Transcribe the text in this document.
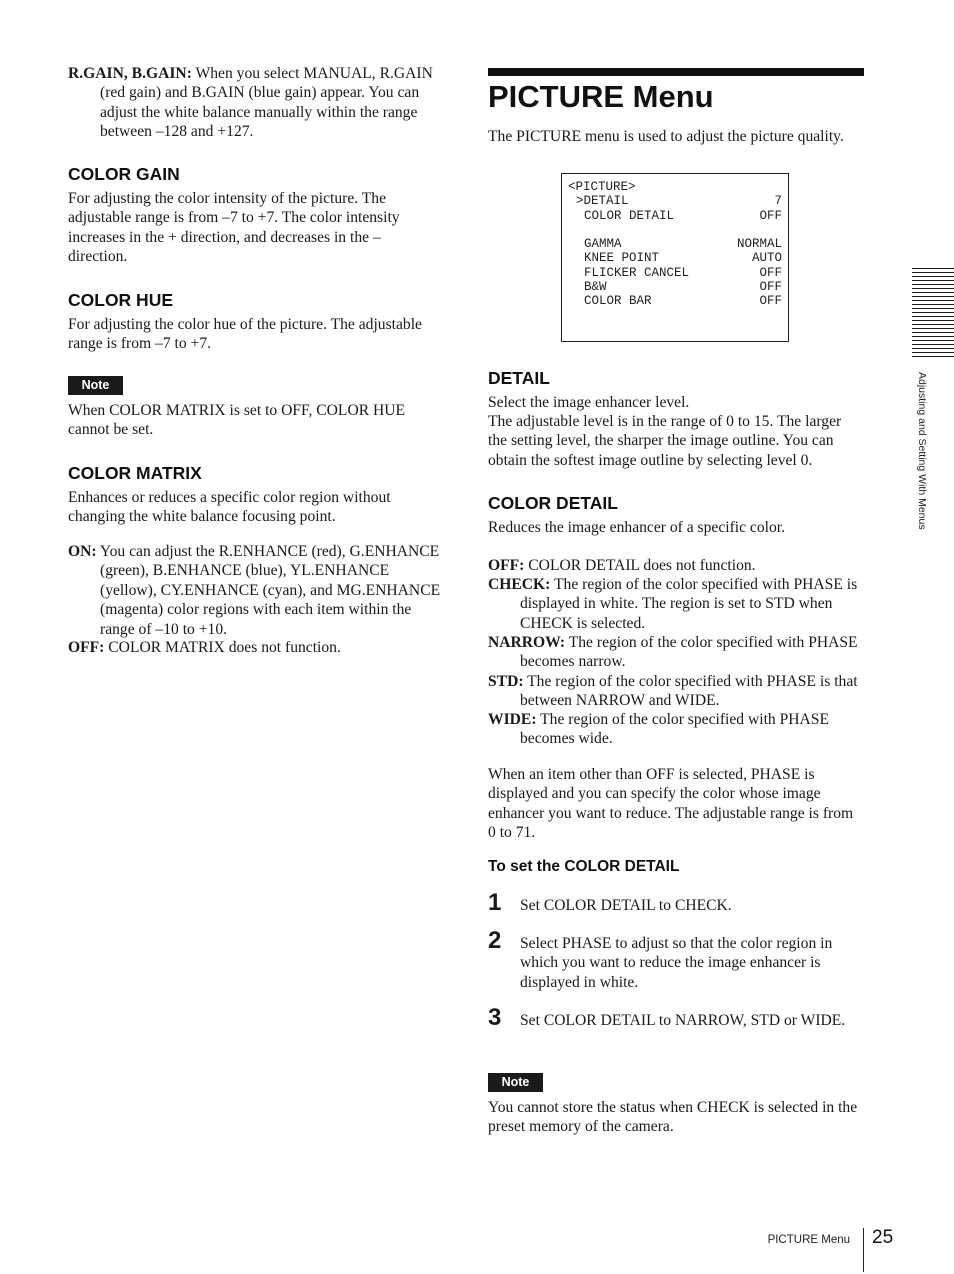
R.GAIN, B.GAIN: When you select MANUAL, R.GAIN (red gain) and B.GAIN (blue gain) appear. You can adjust the white balance manually within the range between –128 and +127.
COLOR GAIN
For adjusting the color intensity of the picture. The adjustable range is from –7 to +7. The color intensity increases in the + direction, and decreases in the – direction.
COLOR HUE
For adjusting the color hue of the picture. The adjustable range is from –7 to +7.
Note
When COLOR MATRIX is set to OFF, COLOR HUE cannot be set.
COLOR MATRIX
Enhances or reduces a specific color region without changing the white balance focusing point.
ON: You can adjust the R.ENHANCE (red), G.ENHANCE (green), B.ENHANCE (blue), YL.ENHANCE (yellow), CY.ENHANCE (cyan), and MG.ENHANCE (magenta) color regions with each item within the range of –10 to +10.
OFF: COLOR MATRIX does not function.
PICTURE Menu
The PICTURE menu is used to adjust the picture quality.
<PICTURE>
>DETAIL	7
COLOR DETAIL	OFF
GAMMA	NORMAL
KNEE POINT	AUTO
FLICKER CANCEL	OFF
B&W	OFF
COLOR BAR	OFF
DETAIL
Select the image enhancer level.
The adjustable level is in the range of 0 to 15. The larger the setting level, the sharper the image outline. You can obtain the softest image outline by selecting level 0.
COLOR DETAIL
Reduces the image enhancer of a specific color.
OFF: COLOR DETAIL does not function.
CHECK: The region of the color specified with PHASE is displayed in white. The region is set to STD when CHECK is selected.
NARROW: The region of the color specified with PHASE becomes narrow.
STD: The region of the color specified with PHASE is that between NARROW and WIDE.
WIDE: The region of the color specified with PHASE becomes wide.
When an item other than OFF is selected, PHASE is displayed and you can specify the color whose image enhancer you want to reduce. The adjustable range is from 0 to 71.
To set the COLOR DETAIL
1	Set COLOR DETAIL to CHECK.
2	Select PHASE to adjust so that the color region in which you want to reduce the image enhancer is displayed in white.
3	Set COLOR DETAIL to NARROW, STD or WIDE.
Note
You cannot store the status when CHECK is selected in the preset memory of the camera.
Adjusting and Setting With Menus
PICTURE Menu 25
